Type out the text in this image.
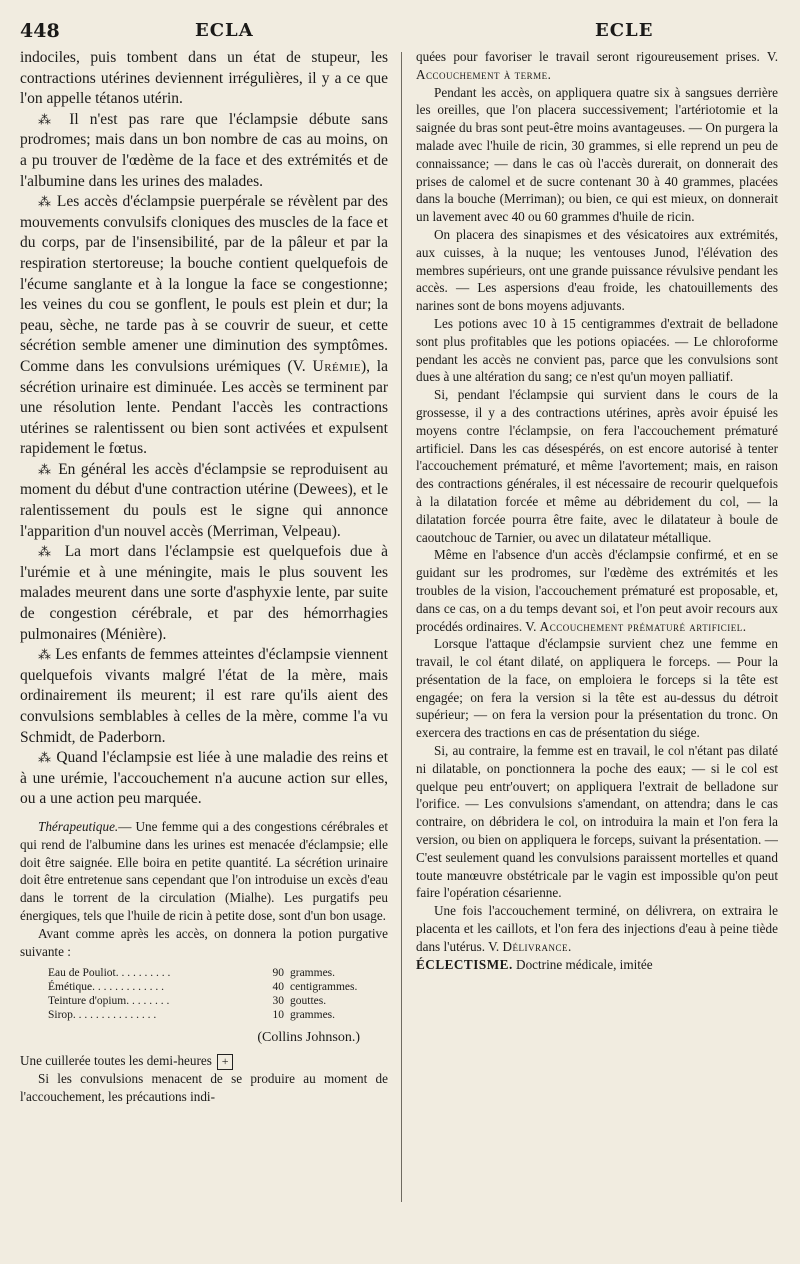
448	ECLA	ECLE

indociles, puis tombent dans un état de stupeur, les contractions utérines deviennent irrégulières, il y a ce que l'on appelle tétanos utérin.

⁂ Il n'est pas rare que l'éclampsie débute sans prodromes; mais dans un bon nombre de cas au moins, on a pu trouver de l'œdème de la face et des extrémités et de l'albumine dans les urines des malades.

⁂ Les accès d'éclampsie puerpérale se révèlent par des mouvements convulsifs cloniques des muscles de la face et du corps, par de l'insensibilité, par de la pâleur et par la respiration stertoreuse; la bouche contient quelquefois de l'écume sanglante et à la longue la face se congestionne; les veines du cou se gonflent, le pouls est plein et dur; la peau, sèche, ne tarde pas à se couvrir de sueur, et cette sécrétion semble amener une diminution des symptômes. Comme dans les convulsions urémiques (V. Urémie), la sécrétion urinaire est diminuée. Les accès se terminent par une résolution lente. Pendant l'accès les contractions utérines se ralentissent ou bien sont activées et expulsent rapidement le fœtus.

⁂ En général les accès d'éclampsie se reproduisent au moment du début d'une contraction utérine (Dewees), et le ralentissement du pouls est le signe qui annonce l'apparition d'un nouvel accès (Merriman, Velpeau).

⁂ La mort dans l'éclampsie est quelquefois due à l'urémie et à une méningite, mais le plus souvent les malades meurent dans une sorte d'asphyxie lente, par suite de congestion cérébrale, et par des hémorrhagies pulmonaires (Ménière).

⁂ Les enfants de femmes atteintes d'éclampsie viennent quelquefois vivants malgré l'état de la mère, mais ordinairement ils meurent; il est rare qu'ils aient des convulsions semblables à celles de la mère, comme l'a vu Schmidt, de Paderborn.

⁂ Quand l'éclampsie est liée à une maladie des reins et à une urémie, l'accouchement n'a aucune action sur elles, ou a une action peu marquée.

Thérapeutique.— Une femme qui a des congestions cérébrales et qui rend de l'albumine dans les urines est menacée d'éclampsie; elle doit être saignée. Elle boira en petite quantité. La sécrétion urinaire doit être entretenue sans cependant que l'on introduise un excès d'eau dans le torrent de la circulation (Mialhe). Les purgatifs peu énergiques, tels que l'huile de ricin à petite dose, sont d'un bon usage.

Avant comme après les accès, on donnera la potion purgative suivante :

Eau de Pouliot. . . . . . . . . .	90	grammes.
Émétique. . . . . . . . . . . . .	40	centigrammes.
Teinture d'opium. . . . . . . .	30	gouttes.
Sirop. . . . . . . . . . . . . . .	10	grammes.
(Collins Johnson.)

Une cuillerée toutes les demi-heures +

Si les convulsions menacent de se produire au moment de l'accouchement, les précautions indi-

quées pour favoriser le travail seront rigoureusement prises. V. Accouchement à terme.

Pendant les accès, on appliquera quatre six à sangsues derrière les oreilles, que l'on placera successivement; l'artériotomie et la saignée du bras sont peut-être moins avantageuses. — On purgera la malade avec l'huile de ricin, 30 grammes, si elle reprend un peu de connaissance; — dans le cas où l'accès durerait, on donnerait des prises de calomel et de sucre contenant 30 à 40 grammes, placées dans la bouche (Merriman); ou bien, ce qui est mieux, on donnerait un lavement avec 40 ou 60 grammes d'huile de ricin.

On placera des sinapismes et des vésicatoires aux extrémités, aux cuisses, à la nuque; les ventouses Junod, l'élévation des membres supérieurs, ont une grande puissance révulsive pendant les accès. — Les aspersions d'eau froide, les chatouillements des narines sont de bons moyens adjuvants.

Les potions avec 10 à 15 centigrammes d'extrait de belladone sont plus profitables que les potions opiacées. — Le chloroforme pendant les accès ne convient pas, parce que les convulsions sont dues à une altération du sang; ce n'est qu'un moyen palliatif.

Si, pendant l'éclampsie qui survient dans le cours de la grossesse, il y a des contractions utérines, après avoir épuisé les moyens contre l'éclampsie, on fera l'accouchement prématuré artificiel. Dans les cas désespérés, on est encore autorisé à tenter l'accouchement prématuré, et même l'avortement; mais, en raison des contractions générales, il est nécessaire de recourir quelquefois à la dilatation forcée et même au débridement du col, — la dilatation forcée pourra être faite, avec le dilatateur à boule de caoutchouc de Tarnier, ou avec un dilatateur métallique.

Même en l'absence d'un accès d'éclampsie confirmé, et en se guidant sur les prodromes, sur l'œdème des extrémités et les troubles de la vision, l'accouchement prématuré est proposable, et, dans ce cas, on a du temps devant soi, et l'on peut avoir recours aux procédés ordinaires. V. Accouchement prématuré artificiel.

Lorsque l'attaque d'éclampsie survient chez une femme en travail, le col étant dilaté, on appliquera le forceps. — Pour la présentation de la face, on emploiera le forceps si la tête est engagée; on fera la version si la tête est au-dessus du détroit supérieur; — on fera la version pour la présentation du tronc. On exercera des tractions en cas de présentation du siége.

Si, au contraire, la femme est en travail, le col n'étant pas dilaté ni dilatable, on ponctionnera la poche des eaux; — si le col est quelque peu entr'ouvert; on appliquera l'extrait de belladone sur l'orifice. — Les convulsions s'amendant, on attendra; dans le cas contraire, on débridera le col, on introduira la main et l'on fera la version, ou bien on appliquera le forceps, suivant la présentation. — C'est seulement quand les convulsions paraissent mortelles et quand toute manœuvre obstétricale par le vagin est impossible qu'on peut faire l'opération césarienne.

Une fois l'accouchement terminé, on délivrera, on extraira le placenta et les caillots, et l'on fera des injections d'eau à peine tiède dans l'utérus. V. Délivrance.

ÉCLECTISME. Doctrine médicale, imitée
